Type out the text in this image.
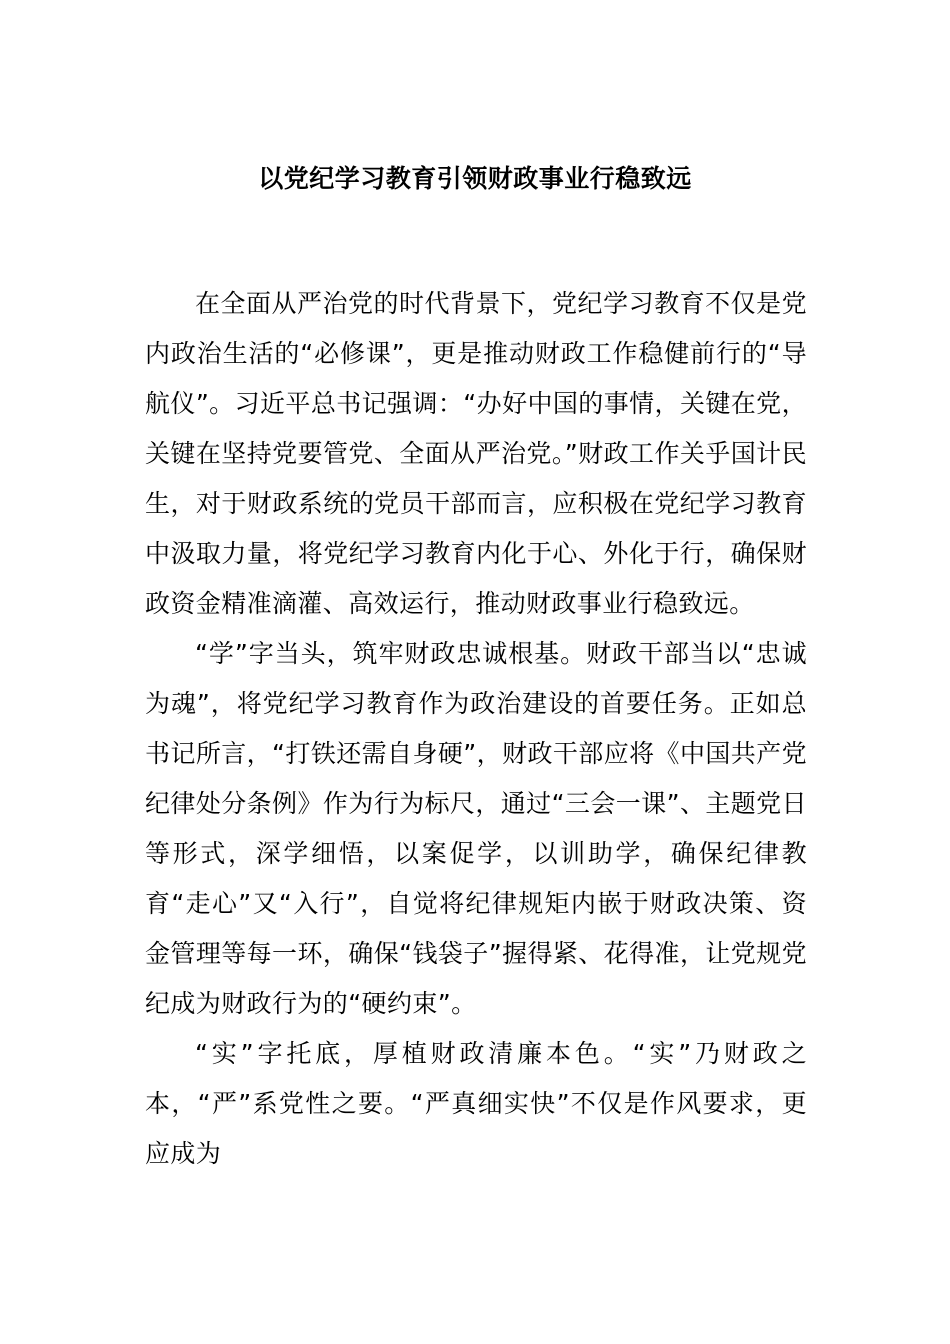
以党纪学习教育引领财政事业行稳致远

在全面从严治党的时代背景下，党纪学习教育不仅是党内政治生活的“必修课”，更是推动财政工作稳健前行的“导航仪”。习近平总书记强调：“办好中国的事情，关键在党，关键在坚持党要管党、全面从严治党。”财政工作关乎国计民生，对于财政系统的党员干部而言，应积极在党纪学习教育中汲取力量，将党纪学习教育内化于心、外化于行，确保财政资金精准滴灌、高效运行，推动财政事业行稳致远。

“学”字当头，筑牢财政忠诚根基。财政干部当以“忠诚为魂”，将党纪学习教育作为政治建设的首要任务。正如总书记所言，“打铁还需自身硬”，财政干部应将《中国共产党纪律处分条例》作为行为标尺，通过“三会一课”、主题党日等形式，深学细悟，以案促学，以训助学，确保纪律教育“走心”又“入行”，自觉将纪律规矩内嵌于财政决策、资金管理等每一环，确保“钱袋子”握得紧、花得准，让党规党纪成为财政行为的“硬约束”。

“实”字托底，厚植财政清廉本色。“实”乃财政之本，“严”系党性之要。“严真细实快”不仅是作风要求，更应成为
